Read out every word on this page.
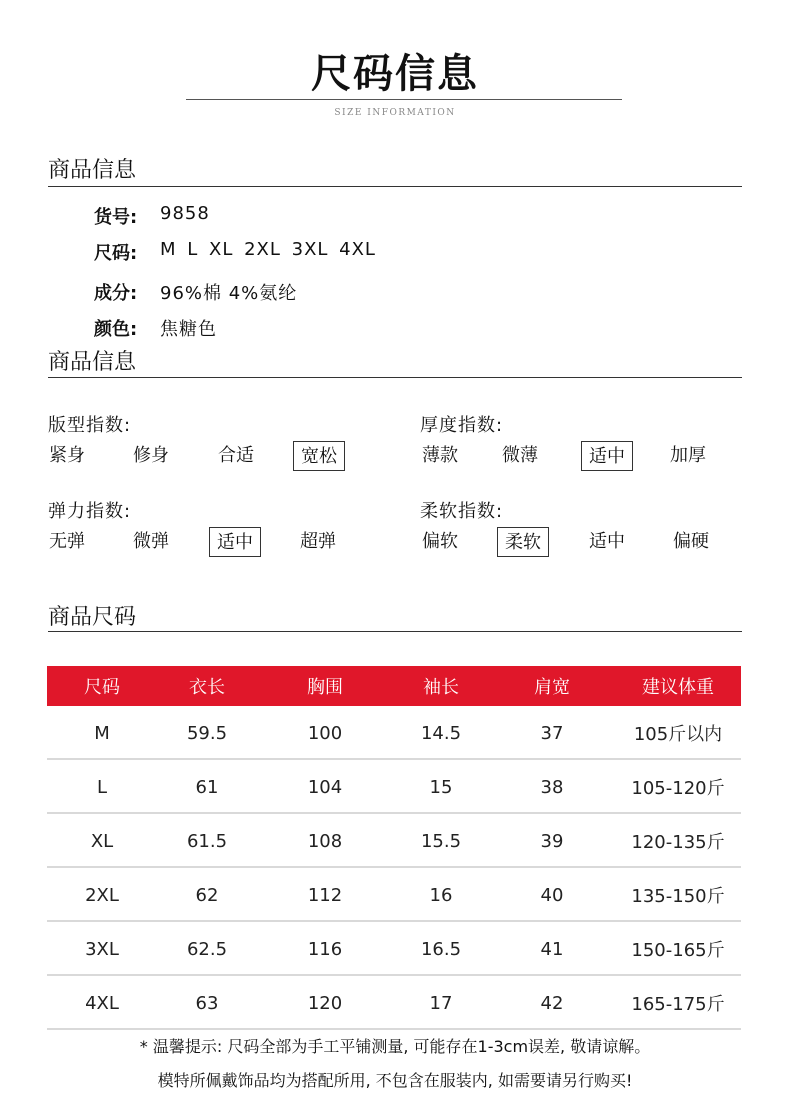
尺码信息
SIZE INFORMATION
商品信息
货号: 9858
尺码: M L XL 2XL 3XL 4XL
成分: 96%棉 4%氨纶
颜色: 焦糖色
商品信息
版型指数:
紧身	修身	合适	宽松
厚度指数:
薄款	微薄	适中	加厚
弹力指数:
无弹	微弹	适中	超弹
柔软指数:
偏软	柔软	适中	偏硬
商品尺码
尺码	衣长	胸围	袖长	肩宽	建议体重
M	59.5	100	14.5	37	105斤以内
L	61	104	15	38	105-120斤
XL	61.5	108	15.5	39	120-135斤
2XL	62	112	16	40	135-150斤
3XL	62.5	116	16.5	41	150-165斤
4XL	63	120	17	42	165-175斤
* 温馨提示: 尺码全部为手工平铺测量, 可能存在1-3cm误差, 敬请谅解。
模特所佩戴饰品均为搭配所用, 不包含在服装内, 如需要请另行购买!
